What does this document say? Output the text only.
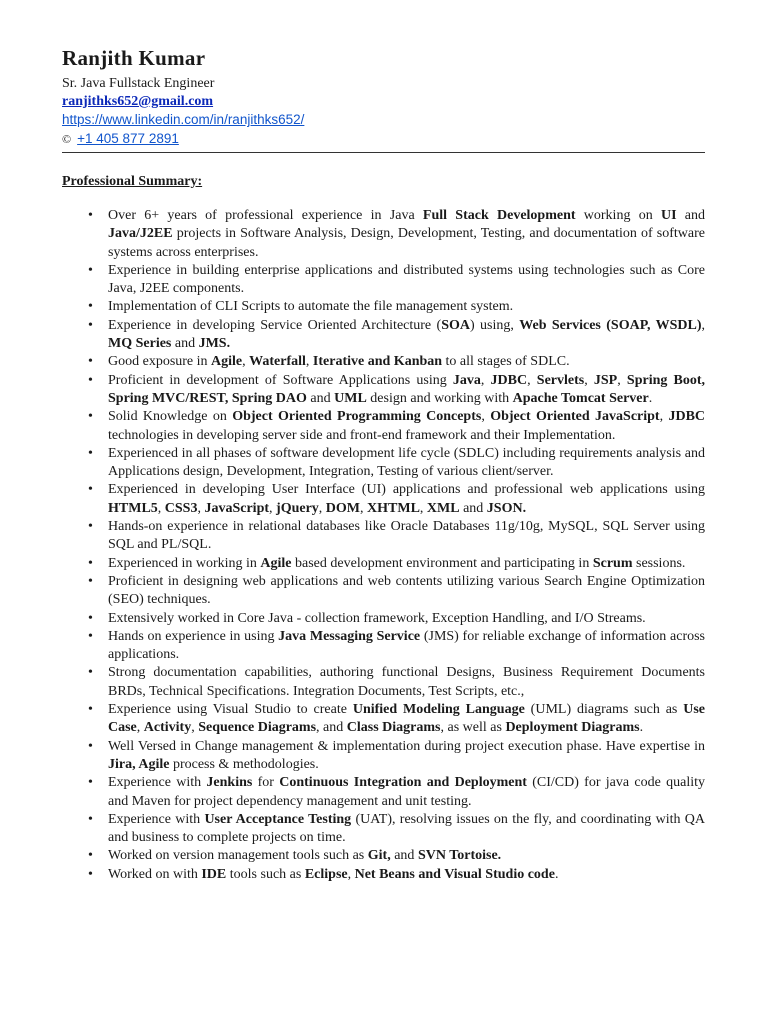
Ranjith Kumar
Sr. Java Fullstack Engineer
ranjithks652@gmail.com
https://www.linkedin.com/in/ranjithks652/
© +1 405 877 2891
Professional Summary:
• Over 6+ years of professional experience in Java Full Stack Development working on UI and Java/J2EE projects in Software Analysis, Design, Development, Testing, and documentation of software systems across enterprises.
• Experience in building enterprise applications and distributed systems using technologies such as Core Java, J2EE components.
• Implementation of CLI Scripts to automate the file management system.
• Experience in developing Service Oriented Architecture (SOA) using, Web Services (SOAP, WSDL), MQ Series and JMS.
• Good exposure in Agile, Waterfall, Iterative and Kanban to all stages of SDLC.
• Proficient in development of Software Applications using Java, JDBC, Servlets, JSP, Spring Boot, Spring MVC/REST, Spring DAO and UML design and working with Apache Tomcat Server.
• Solid Knowledge on Object Oriented Programming Concepts, Object Oriented JavaScript, JDBC technologies in developing server side and front-end framework and their Implementation.
• Experienced in all phases of software development life cycle (SDLC) including requirements analysis and Applications design, Development, Integration, Testing of various client/server.
• Experienced in developing User Interface (UI) applications and professional web applications using HTML5, CSS3, JavaScript, jQuery, DOM, XHTML, XML and JSON.
• Hands-on experience in relational databases like Oracle Databases 11g/10g, MySQL, SQL Server using SQL and PL/SQL.
• Experienced in working in Agile based development environment and participating in Scrum sessions.
• Proficient in designing web applications and web contents utilizing various Search Engine Optimization (SEO) techniques.
• Extensively worked in Core Java - collection framework, Exception Handling, and I/O Streams.
• Hands on experience in using Java Messaging Service (JMS) for reliable exchange of information across applications.
• Strong documentation capabilities, authoring functional Designs, Business Requirement Documents BRDs, Technical Specifications. Integration Documents, Test Scripts, etc.,
• Experience using Visual Studio to create Unified Modeling Language (UML) diagrams such as Use Case, Activity, Sequence Diagrams, and Class Diagrams, as well as Deployment Diagrams.
• Well Versed in Change management & implementation during project execution phase. Have expertise in Jira, Agile process & methodologies.
• Experience with Jenkins for Continuous Integration and Deployment (CI/CD) for java code quality and Maven for project dependency management and unit testing.
• Experience with User Acceptance Testing (UAT), resolving issues on the fly, and coordinating with QA and business to complete projects on time.
• Worked on version management tools such as Git, and SVN Tortoise.
• Worked on with IDE tools such as Eclipse, Net Beans and Visual Studio code.
